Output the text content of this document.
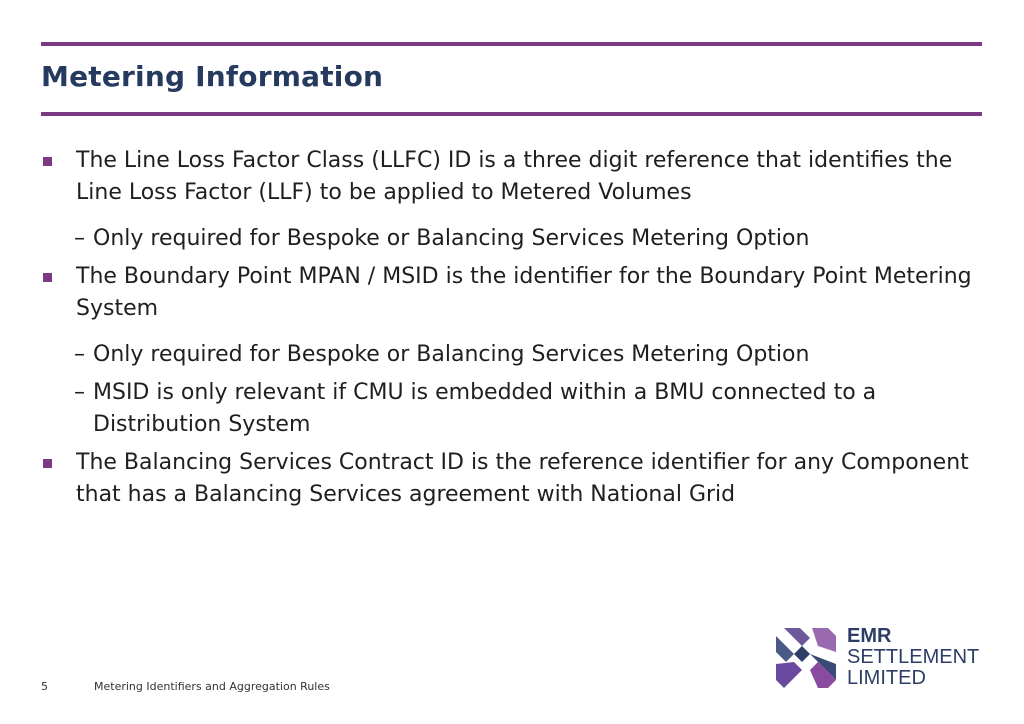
Metering Information
The Line Loss Factor Class (LLFC) ID is a three digit reference that identifies the Line Loss Factor (LLF) to be applied to Metered Volumes
– Only required for Bespoke or Balancing Services Metering Option
The Boundary Point MPAN / MSID is the identifier for the Boundary Point Metering System
– Only required for Bespoke or Balancing Services Metering Option
– MSID is only relevant if CMU is embedded within a BMU connected to a Distribution System
The Balancing Services Contract ID is the reference identifier for any Component that has a Balancing Services agreement with National Grid
5	Metering Identifiers and Aggregation Rules
EMR
SETTLEMENT
LIMITED
